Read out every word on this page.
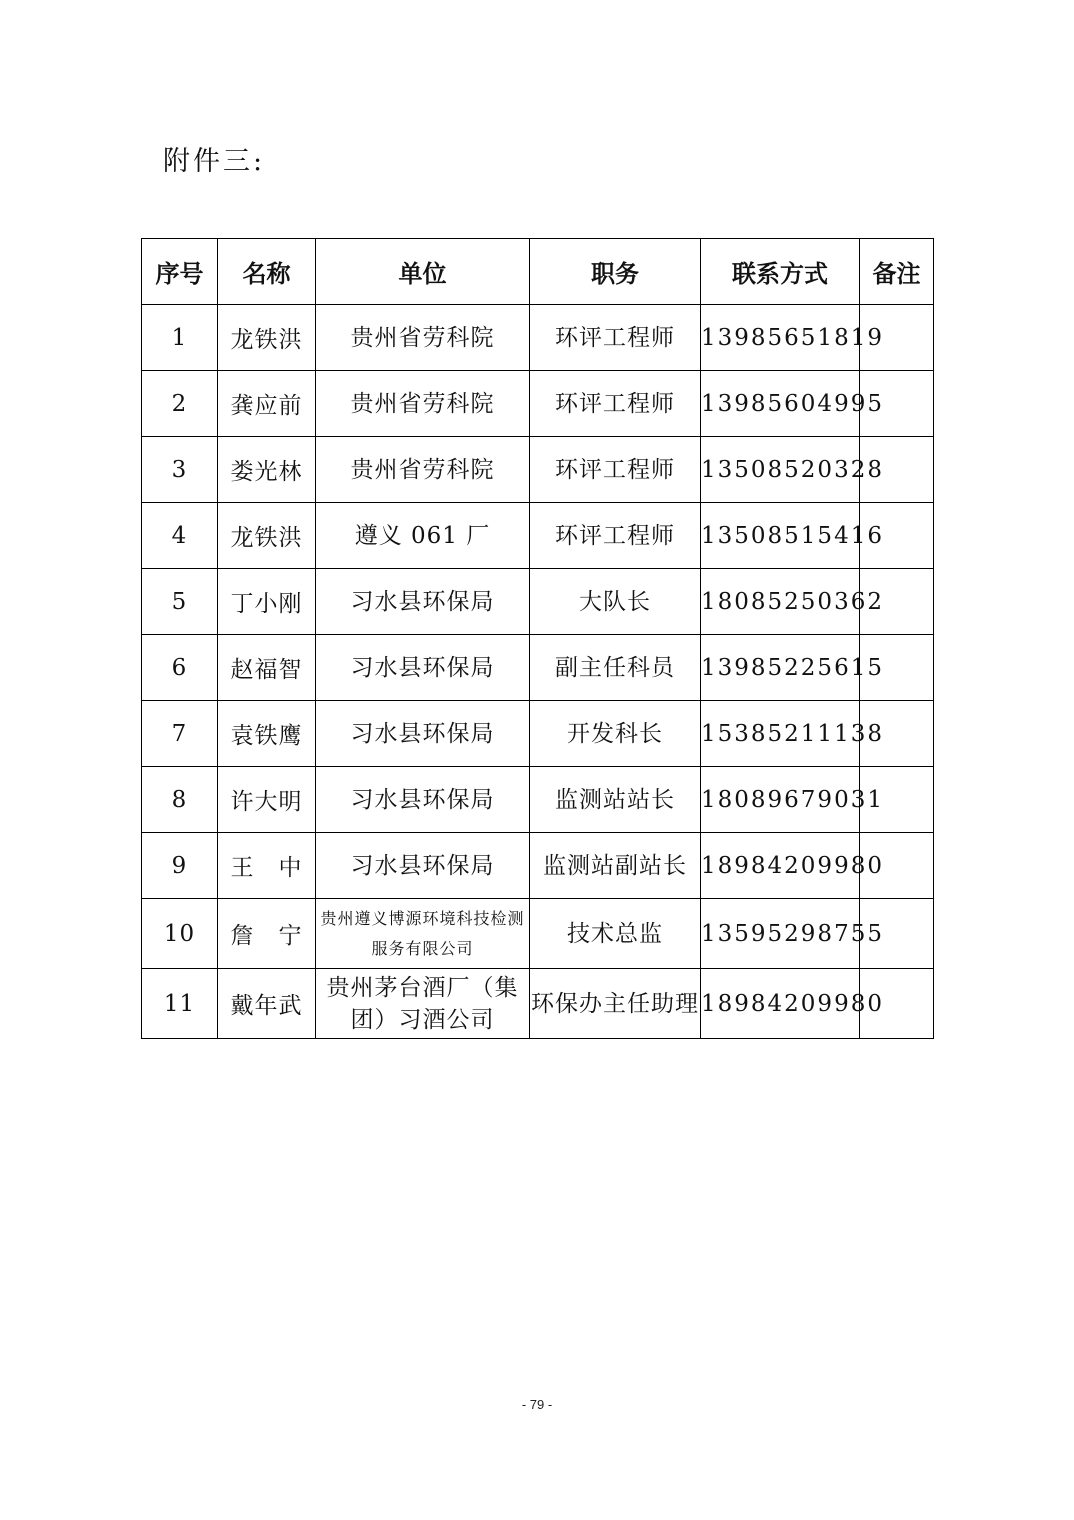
附件三:
序号	名称	单位	职务	联系方式	备注
1	龙铁洪	贵州省劳科院	环评工程师	13985651819	
2	龚应前	贵州省劳科院	环评工程师	13985604995	
3	娄光林	贵州省劳科院	环评工程师	13508520328	
4	龙铁洪	遵义 061 厂	环评工程师	13508515416	
5	丁小刚	习水县环保局	大队长	18085250362	
6	赵福智	习水县环保局	副主任科员	13985225615	
7	袁铁鹰	习水县环保局	开发科长	15385211138	
8	许大明	习水县环保局	监测站站长	18089679031	
9	王　中	习水县环保局	监测站副站长	18984209980	
10	詹　宁	贵州遵义博源环境科技检测服务有限公司	技术总监	13595298755	
11	戴年武	贵州茅台酒厂（集团）习酒公司	环保办主任助理	18984209980	
- 79 -
